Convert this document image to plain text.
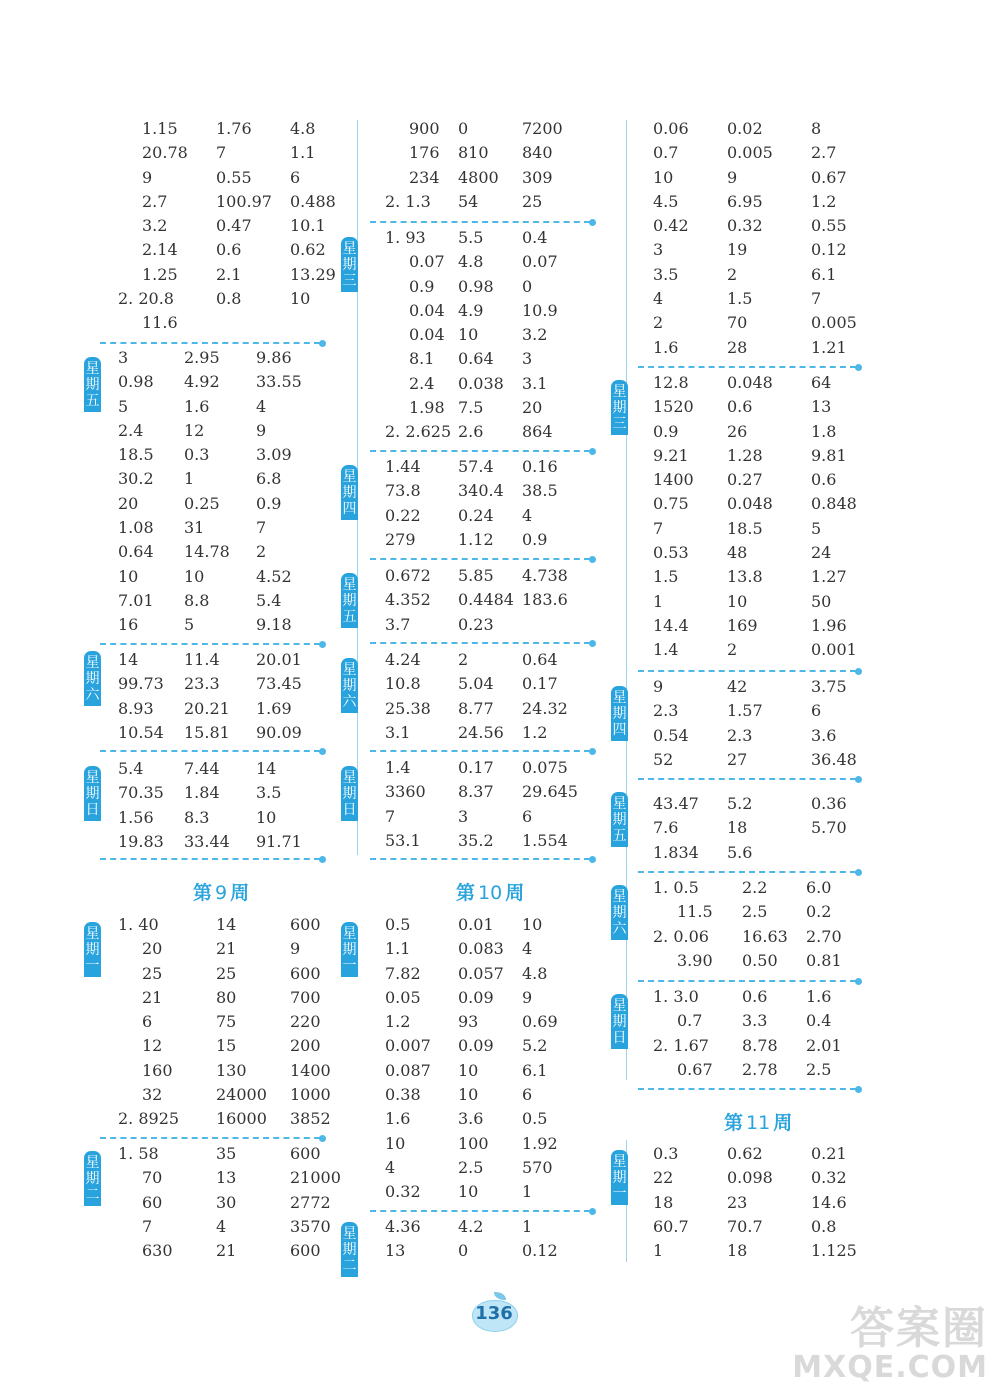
1.15 1.76 4.8
20.78 7	1.1
9	0.55 6
2.7	100.97 0.488
3.2	0.47 10.1
2.14 0.6	0.62
1.25 2.1	13.29
2. 20.8	0.8	10
11.6
星
期
五
3	2.95 9.86
0.98 4.92 33.55
5	1.6	4
2.4	12	9
18.5 0.3	3.09
30.2 1	6.8
20	0.25 0.9
1.08 31	7
0.64 14.78 2
10	10	4.52
7.01 8.8	5.4
16	5	9.18
星
期
六
14	11.4 20.01
99.73 23.3 73.45
8.93 20.21 1.69
10.54 15.81 90.09
星
期
日
5.4	7.44 14
70.35 1.84 3.5
1.56 8.3	10
19.83 33.44 91.71
第 9 周
星
期
一
1. 40	14	600
20	21	9
25	25	600
21	80	700
6	75	220
12	15	200
160	130	1400
32	24000 1000
2. 8925 16000 3852
星
期
二
1. 58	35	600
70	13	21000
60	30	2772
7	4	3570
630	21	600
900 0	7200
176 810 840
234 4800 309
2. 1.3 54	25
星
期
三
1. 93 5.5 0.4
0.07 4.8 0.07
0.9 0.98 0
0.04 4.9 10.9
0.04 10	3.2
8.1 0.64 3
2.4 0.038 3.1
1.98 7.5 20
2. 2.625 2.6 864
星
期
四
1.44 57.4 0.16
73.8 340.4 38.5
0.22 0.24 4
279	1.12 0.9
星
期
五
0.672 5.85 4.738
4.352 0.4484 183.6
3.7	0.23
星
期
六
4.24 2	0.64
10.8 5.04 0.17
25.38 8.77 24.32
3.1	24.56 1.2
星
期
日
1.4	0.17 0.075
3360 8.37 29.645
7	3	6
53.1 35.2 1.554
第 10 周
星
期
一
0.5	0.01 10
1.1	0.083 4
7.82 0.057 4.8
0.05 0.09 9
1.2	93	0.69
0.007 0.09 5.2
0.087 10	6.1
0.38 10	6
1.6	3.6 0.5
10	100 1.92
4	2.5 570
0.32 10	1
星
期
二
4.36 4.2 1
13	0	0.12
0.06 0.02	8
0.7	0.005 2.7
10	9	0.67
4.5	6.95	1.2
0.42 0.32	0.55
3	19	0.12
3.5	2	6.1
4	1.5	7
2	70	0.005
1.6	28	1.21
星
期
三
12.8 0.048 64
1520 0.6	13
0.9	26	1.8
9.21 1.28	9.81
1400 0.27	0.6
0.75 0.048 0.848
7	18.5	5
0.53 48	24
1.5	13.8	1.27
1	10	50
14.4 169	1.96
1.4	2	0.001
星
期
四
9	42	3.75
2.3	1.57	6
0.54 2.3	3.6
52	27	36.48
星
期
五
43.47 5.2	0.36
7.6	18	5.70
1.834 5.6
星
期
六
1. 0.5	2.2 6.0
11.5 2.5 0.2
2. 0.06 16.63 2.70
3.90 0.50 0.81
星
期
日
1. 3.0	0.6 1.6
0.7 3.3 0.4
2. 1.67 8.78 2.01
0.67 2.78 2.5
第 11 周
星
期
一
0.3	0.62	0.21
22	0.098 0.32
18	23	14.6
60.7 70.7	0.8
1	18	1.125
136	答案圈
MXQE.COM
